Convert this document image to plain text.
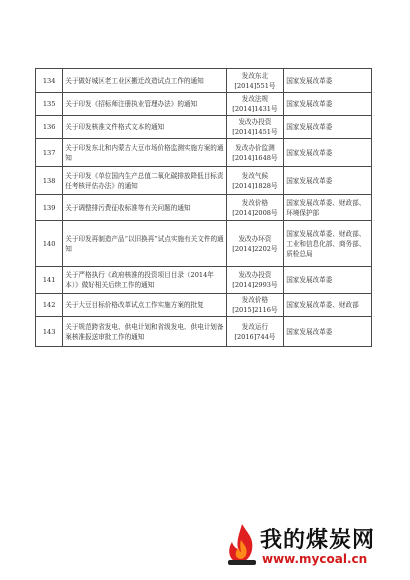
134	关于做好城区老工业区搬迁改造试点工作的通知	发改东北
[2014]551号	国家发展改革委
135	关于印发《招标师注册执业管理办法》的通知	发改法规
[2014]1431号	国家发展改革委
136	关于印发核准文件格式文本的通知	发改办投资
[2014]1451号	国家发展改革委
137	关于印发东北和内蒙古大豆市场价格监测实施方案的通知	发改办价监测
[2014]1648号	国家发展改革委
138	关于印发《单位国内生产总值二氧化碳排放降低目标责任考核评估办法》的通知	发改气候
[2014]1828号	国家发展改革委
139	关于调整排污费征收标准等有关问题的通知	发改价格
[2014]2008号	国家发展改革委、财政部、环境保护部
140	关于印发再制造产品“以旧换再”试点实施有关文件的通知	发改办环资
[2014]2202号	国家发展改革委、财政部、工业和信息化部、商务部、质检总局
141	关于严格执行《政府核准的投资项目目录（2014年本）》做好相关后续工作的通知	发改办投资
[2014]2993号	国家发展改革委
142	关于大豆目标价格改革试点工作实施方案的批复	发改价格
[2015]2116号	国家发展改革委、财政部
143	关于规范跨省发电、供电计划和省级发电、供电计划备案核准报送审批工作的通知	发改运行
[2016]744号	国家发展改革委
我的煤炭网
www.mycoal.cn
